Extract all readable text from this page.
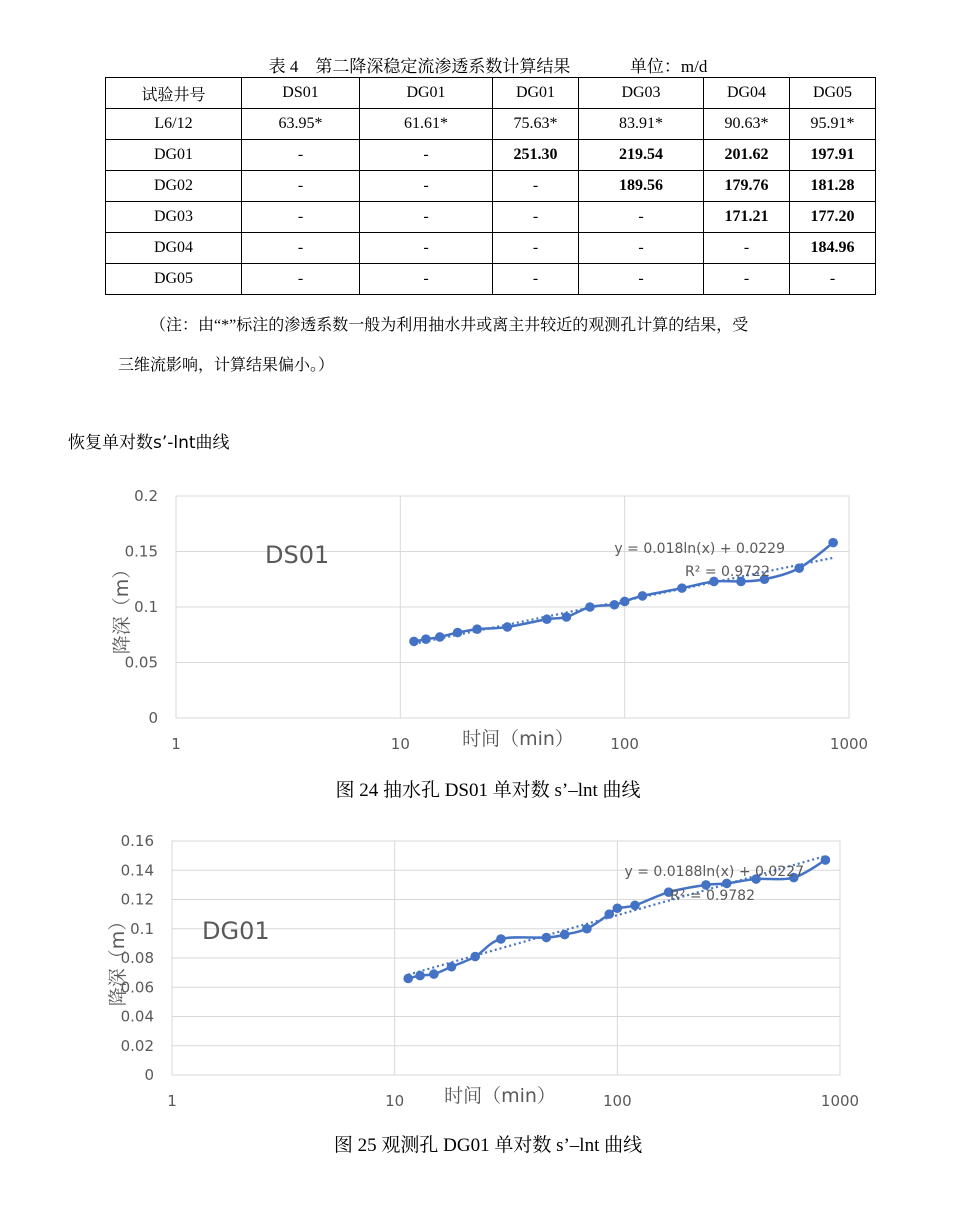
表 4    第二降深稳定流渗透系数计算结果              单位：m/d
试验井号	DS01	DG01	DG01	DG03	DG04	DG05
L6/12	63.95*	61.61*	75.63*	83.91*	90.63*	95.91*
DG01	-	-	251.30	219.54	201.62	197.91
DG02	-	-	-	189.56	179.76	181.28
DG03	-	-	-	-	171.21	177.20
DG04	-	-	-	-	-	184.96
DG05	-	-	-	-	-	-
（注：由“*”标注的渗透系数一般为利用抽水井或离主井较近的观测孔计算的结果，受
三维流影响，计算结果偏小。）
恢复单对数s’-lnt曲线
0
0.05
0.1
0.15
0.2
1	10	100	1000
y = 0.018ln(x) + 0.0229
R² = 0.9722
DS01
时间（min）
降深（m）
图 24 抽水孔 DS01 单对数 s’–lnt 曲线
0
0.02
0.04
0.06
0.08
0.1
0.12
0.14
0.16
1	10	100	1000
y = 0.0188ln(x) + 0.0227
R² = 0.9782
DG01
时间（min）
降深（m）
图 25 观测孔 DG01 单对数 s’–lnt 曲线
